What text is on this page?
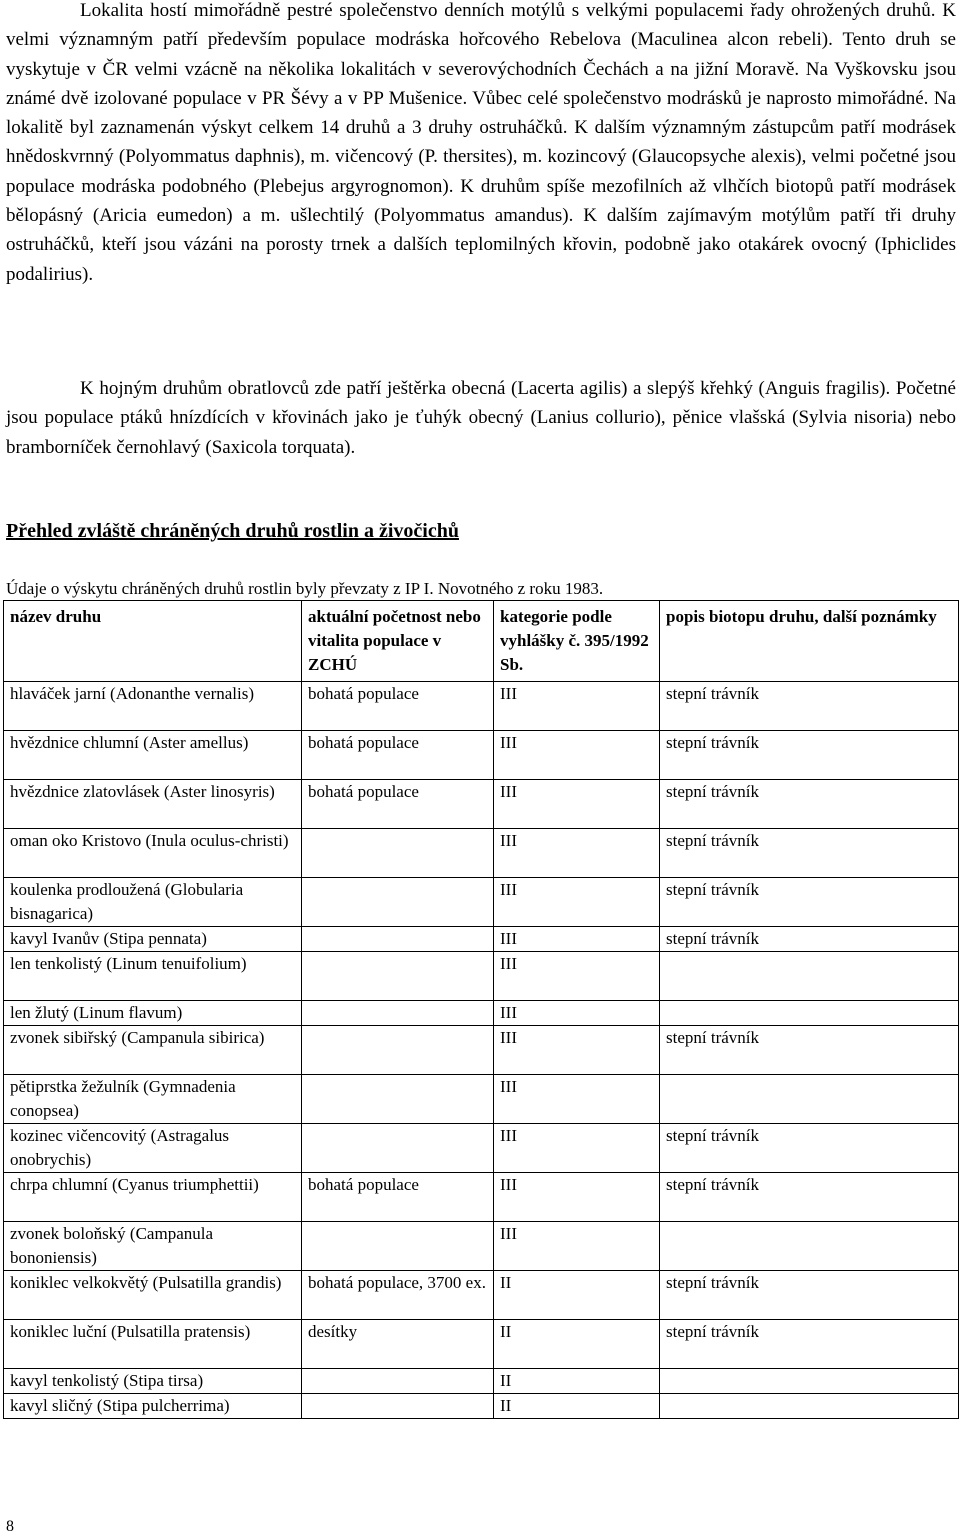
Lokalita hostí mimořádně pestré společenstvo denních motýlů s velkými populacemi řady ohrožených druhů. K velmi významným patří především populace modráska hořcového Rebelova (Maculinea alcon rebeli). Tento druh se vyskytuje v ČR velmi vzácně na několika lokalitách v severovýchodních Čechách a na jižní Moravě. Na Vyškovsku jsou známé dvě izolované populace v PR Šévy a v PP Mušenice. Vůbec celé společenstvo modrásků je naprosto mimořádné. Na lokalitě byl zaznamenán výskyt celkem 14 druhů a 3 druhy ostruháčků. K dalším významným zástupcům patří modrásek hnědoskvrnný (Polyommatus daphnis), m. vičencový (P. thersites), m. kozincový (Glaucopsyche alexis), velmi početné jsou populace modráska podobného (Plebejus argyrognomon). K druhům spíše mezofilních až vlhčích biotopů patří modrásek bělopásný (Aricia eumedon) a m. ušlechtilý (Polyommatus amandus). K dalším zajímavým motýlům patří tři druhy ostruháčků, kteří jsou vázáni na porosty trnek a dalších teplomilných křovin, podobně jako otakárek ovocný (Iphiclides podalirius).

K hojným druhům obratlovců zde patří ještěrka obecná (Lacerta agilis) a slepýš křehký (Anguis fragilis). Početné jsou populace ptáků hnízdících v křovinách jako je ťuhýk obecný (Lanius collurio), pěnice vlašská (Sylvia nisoria) nebo bramborníček černohlavý (Saxicola torquata).

Přehled zvláště chráněných druhů rostlin a živočichů

Údaje o výskytu chráněných druhů rostlin byly převzaty z IP I. Novotného z roku 1983.

název druhu	aktuální početnost nebo vitalita populace v ZCHÚ	kategorie podle vyhlášky č. 395/1992 Sb.	popis biotopu druhu, další poznámky
hlaváček jarní (Adonanthe vernalis)	bohatá populace	III	stepní trávník
hvězdnice chlumní (Aster amellus)	bohatá populace	III	stepní trávník
hvězdnice zlatovlásek (Aster linosyris)	bohatá populace	III	stepní trávník
oman oko Kristovo (Inula oculus-christi)		III	stepní trávník
koulenka prodloužená (Globularia bisnagarica)		III	stepní trávník
kavyl Ivanův (Stipa pennata)		III	stepní trávník
len tenkolistý (Linum tenuifolium)		III	
len žlutý (Linum flavum)		III	
zvonek sibiřský (Campanula sibirica)		III	stepní trávník
pětiprstka žežulník (Gymnadenia conopsea)		III	
kozinec vičencovitý (Astragalus onobrychis)		III	stepní trávník
chrpa chlumní (Cyanus triumphettii)	bohatá populace	III	stepní trávník
zvonek boloňský (Campanula bononiensis)		III	
koniklec velkokvětý (Pulsatilla grandis)	bohatá populace, 3700 ex.	II	stepní trávník
koniklec luční (Pulsatilla pratensis)	desítky	II	stepní trávník
kavyl tenkolistý (Stipa tirsa)		II	
kavyl sličný (Stipa pulcherrima)		II	

8
